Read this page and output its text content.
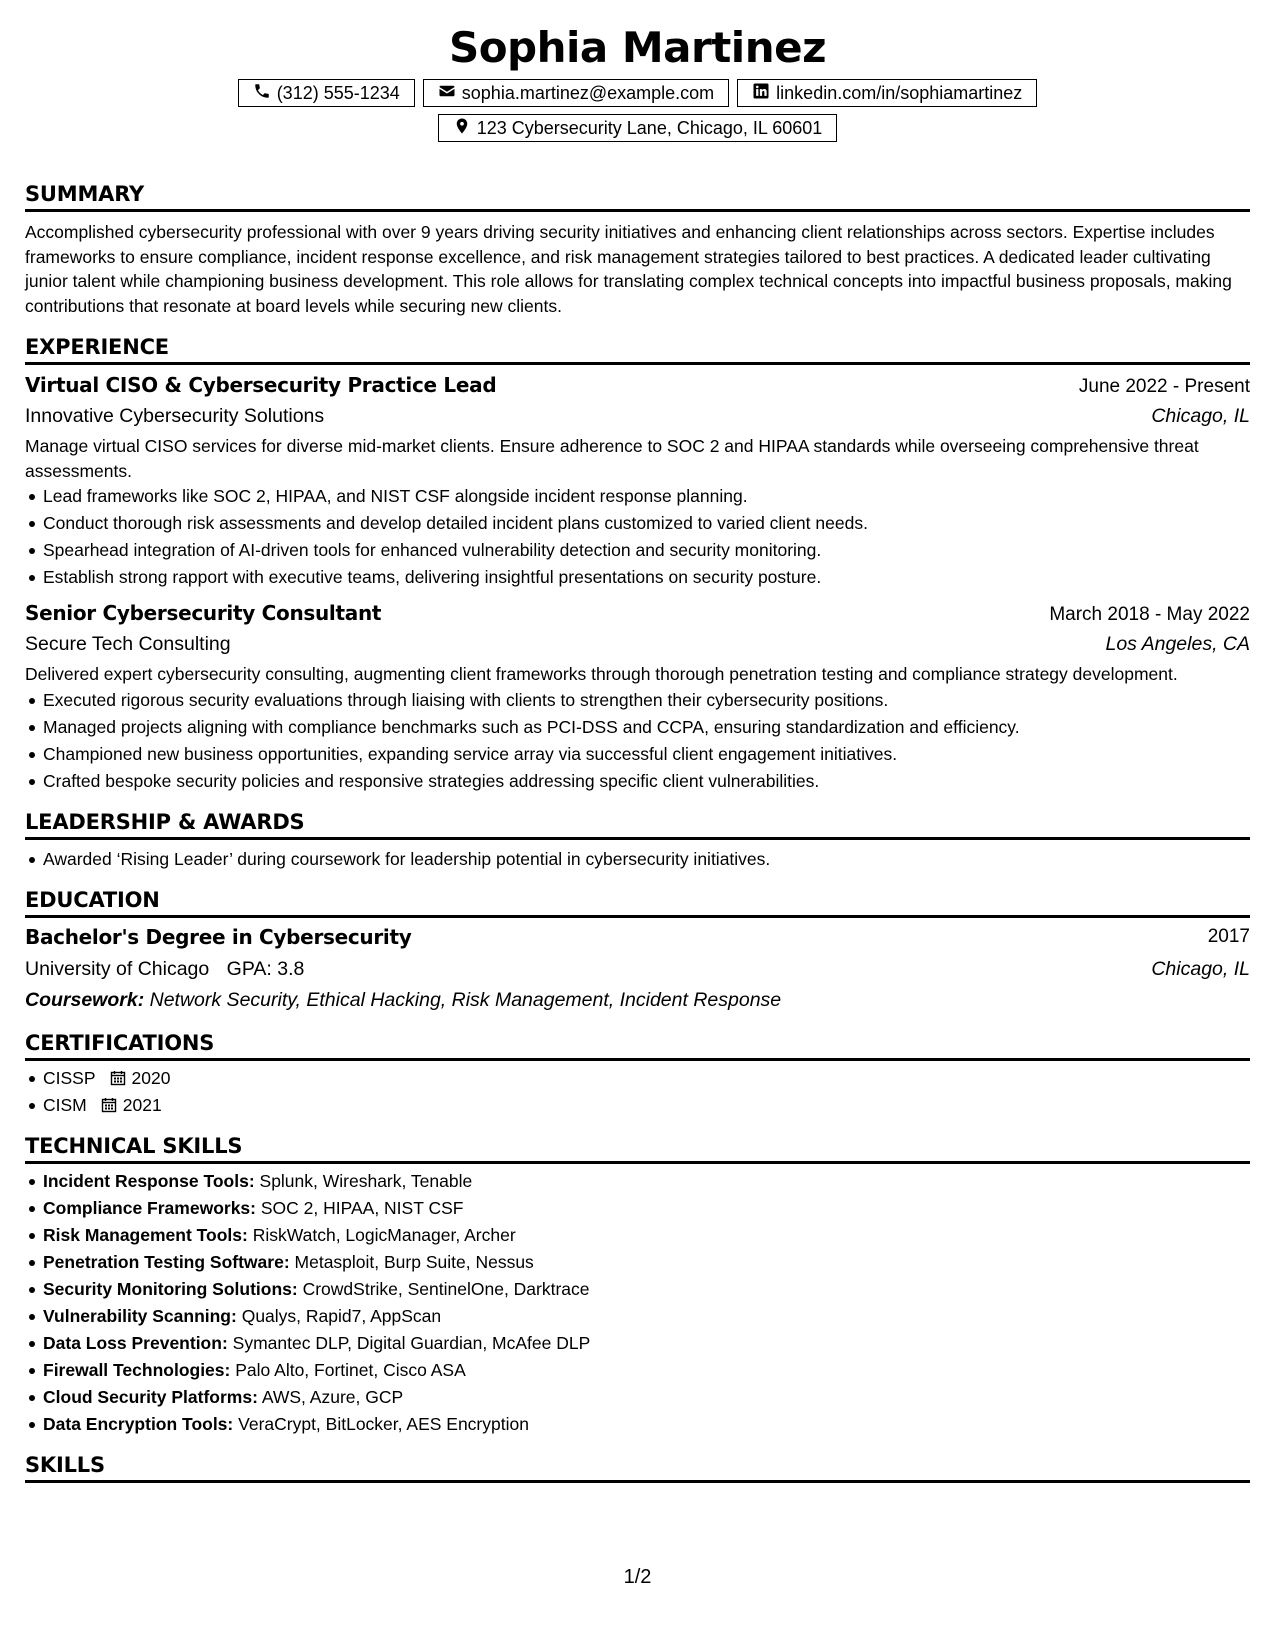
Sophia Martinez
(312) 555-1234	sophia.martinez@example.com	linkedin.com/in/sophiamartinez
123 Cybersecurity Lane, Chicago, IL 60601
SUMMARY
Accomplished cybersecurity professional with over 9 years driving security initiatives and enhancing client relationships across sectors. Expertise includes frameworks to ensure compliance, incident response excellence, and risk management strategies tailored to best practices. A dedicated leader cultivating junior talent while championing business development. This role allows for translating complex technical concepts into impactful business proposals, making contributions that resonate at board levels while securing new clients.
EXPERIENCE
Virtual CISO & Cybersecurity Practice Lead	June 2022 - Present
Innovative Cybersecurity Solutions	Chicago, IL
Manage virtual CISO services for diverse mid-market clients. Ensure adherence to SOC 2 and HIPAA standards while overseeing comprehensive threat assessments.
Lead frameworks like SOC 2, HIPAA, and NIST CSF alongside incident response planning.
Conduct thorough risk assessments and develop detailed incident plans customized to varied client needs.
Spearhead integration of AI-driven tools for enhanced vulnerability detection and security monitoring.
Establish strong rapport with executive teams, delivering insightful presentations on security posture.
Senior Cybersecurity Consultant	March 2018 - May 2022
Secure Tech Consulting	Los Angeles, CA
Delivered expert cybersecurity consulting, augmenting client frameworks through thorough penetration testing and compliance strategy development.
Executed rigorous security evaluations through liaising with clients to strengthen their cybersecurity positions.
Managed projects aligning with compliance benchmarks such as PCI-DSS and CCPA, ensuring standardization and efficiency.
Championed new business opportunities, expanding service array via successful client engagement initiatives.
Crafted bespoke security policies and responsive strategies addressing specific client vulnerabilities.
LEADERSHIP & AWARDS
Awarded ‘Rising Leader’ during coursework for leadership potential in cybersecurity initiatives.
EDUCATION
Bachelor's Degree in Cybersecurity	2017
University of Chicago GPA: 3.8	Chicago, IL
Coursework: Network Security, Ethical Hacking, Risk Management, Incident Response
CERTIFICATIONS
CISSP 2020
CISM 2021
TECHNICAL SKILLS
Incident Response Tools: Splunk, Wireshark, Tenable
Compliance Frameworks: SOC 2, HIPAA, NIST CSF
Risk Management Tools: RiskWatch, LogicManager, Archer
Penetration Testing Software: Metasploit, Burp Suite, Nessus
Security Monitoring Solutions: CrowdStrike, SentinelOne, Darktrace
Vulnerability Scanning: Qualys, Rapid7, AppScan
Data Loss Prevention: Symantec DLP, Digital Guardian, McAfee DLP
Firewall Technologies: Palo Alto, Fortinet, Cisco ASA
Cloud Security Platforms: AWS, Azure, GCP
Data Encryption Tools: VeraCrypt, BitLocker, AES Encryption
SKILLS
1/2
